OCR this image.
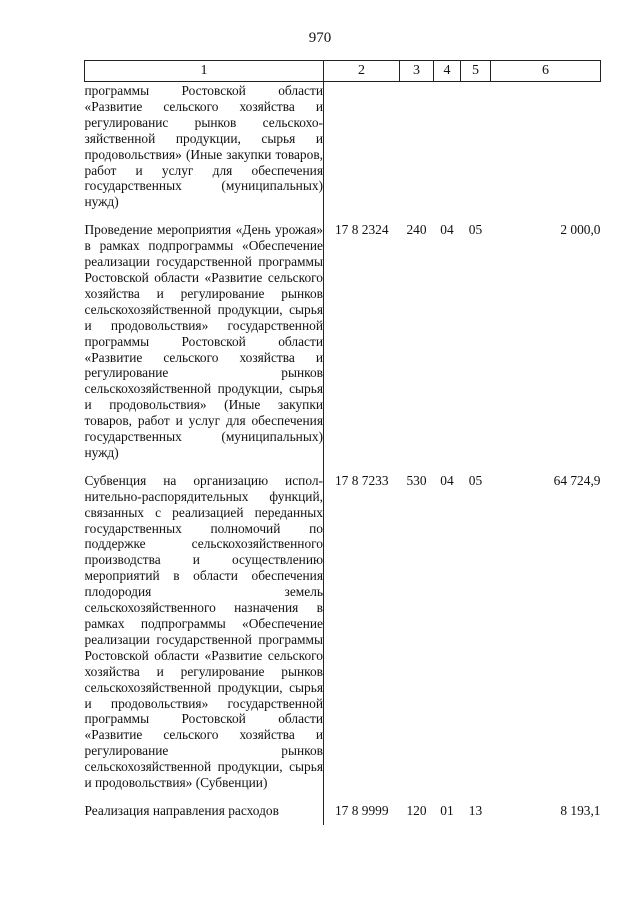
970
1	2	3	4	5	6
программы Ростовской области «Развитие сельского хозяйства и регулированис рынков сельскохозяйственной продукции, сырья и продовольствия» (Иные закупки товаров, работ и услуг для обеспечения государственных (муниципальных) нужд)					
Проведение мероприятия «День урожая» в рамках подпрограммы «Обеспечение реализации государственной программы Ростовской области «Развитие сельского хозяйства и регулирование рынков сельскохозяйственной продукции, сырья и продовольствия» государственной программы Ростовской области «Развитие сельского хозяйства и регулирование рынков сельскохозяйственной продукции, сырья и продовольствия» (Иные закупки товаров, работ и услуг для обеспечения государственных (муниципальных) нужд)	17 8 2324	240	04	05	2 000,0
Субвенция на организацию исполнительно-распорядительных функций, связанных с реализацией переданных государственных полномочий по поддержке сельскохозяйственного производства и осуществлению мероприятий в области обеспечения плодородия земель сельскохозяйственного назначения в рамках подпрограммы «Обеспечение реализации государственной программы Ростовской области «Развитие сельского хозяйства и регулирование рынков сельскохозяйственной продукции, сырья и продовольствия» государственной программы Ростовской области «Развитие сельского хозяйства и регулирование рынков сельскохозяйственной продукции, сырья и продовольствия» (Субвенции)	17 8 7233	530	04	05	64 724,9
Реализация направления расходов	17 8 9999	120	01	13	8 193,1
